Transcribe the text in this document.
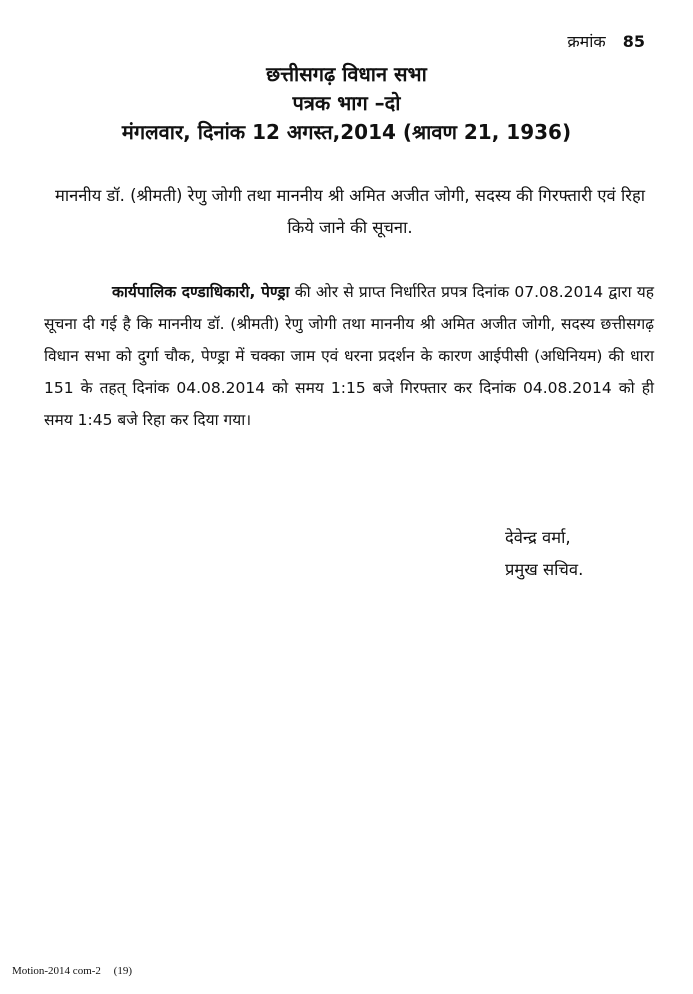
क्रमांक 85
छत्तीसगढ़ विधान सभा
पत्रक भाग –दो
मंगलवार, दिनांक 12 अगस्त,2014 (श्रावण 21, 1936)
माननीय डॉ. (श्रीमती) रेणु जोगी तथा माननीय श्री अमित अजीत जोगी, सदस्य की गिरफ्तारी एवं रिहा किये जाने की सूचना.
कार्यपालिक दण्डाधिकारी, पेण्ड्रा की ओर से प्राप्त निर्धारित प्रपत्र दिनांक 07.08.2014 द्वारा यह सूचना दी गई है कि माननीय डॉ. (श्रीमती) रेणु जोगी तथा माननीय श्री अमित अजीत जोगी, सदस्य छत्तीसगढ़ विधान सभा को दुर्गा चौक, पेण्ड्रा में चक्का जाम एवं धरना प्रदर्शन के कारण आईपीसी (अधिनियम) की धारा 151 के तहत् दिनांक 04.08.2014 को समय 1:15 बजे गिरफ्तार कर दिनांक 04.08.2014 को ही समय 1:45 बजे रिहा कर दिया गया।
देवेन्द्र वर्मा,
प्रमुख सचिव.
Motion-2014 com-2 (19)
